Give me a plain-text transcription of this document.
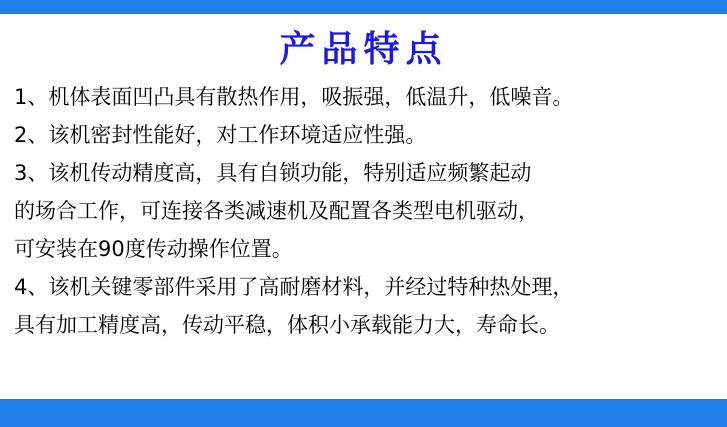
产品特点
1、机体表面凹凸具有散热作用，吸振强，低温升，低噪音。
2、该机密封性能好，对工作环境适应性强。
3、该机传动精度高，具有自锁功能，特别适应频繁起动
的场合工作，可连接各类减速机及配置各类型电机驱动，
可安装在90度传动操作位置。
4、该机关键零部件采用了高耐磨材料，并经过特种热处理，
具有加工精度高，传动平稳，体积小承载能力大，寿命长。
